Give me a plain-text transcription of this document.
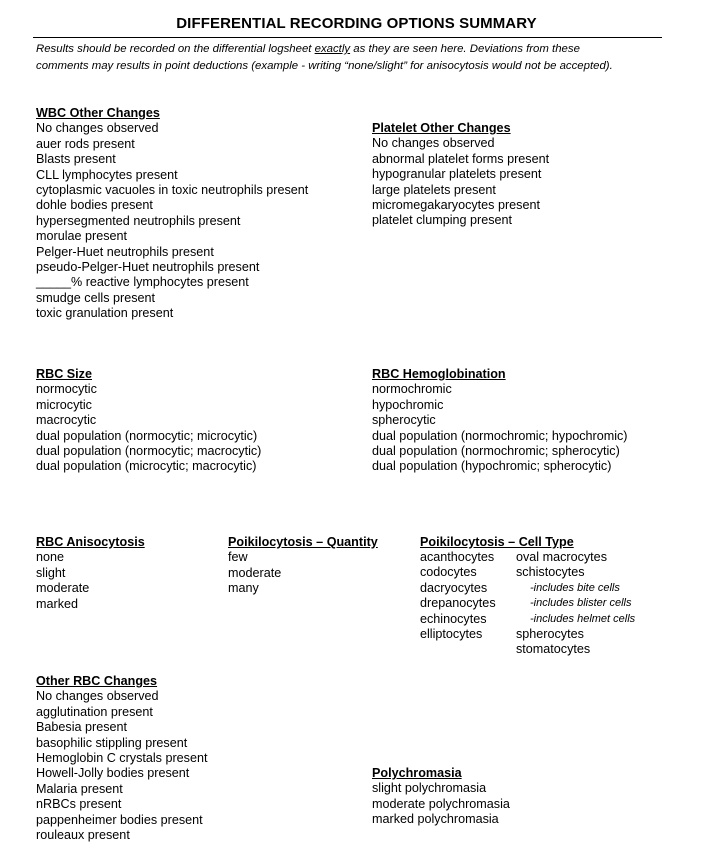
DIFFERENTIAL RECORDING OPTIONS SUMMARY
Results should be recorded on the differential logsheet exactly as they are seen here. Deviations from these
comments may results in point deductions (example - writing “none/slight” for anisocytosis would not be accepted).
WBC Other Changes
No changes observed
auer rods present
Blasts present
CLL lymphocytes present
cytoplasmic vacuoles in toxic neutrophils present
dohle bodies present
hypersegmented neutrophils present
morulae present
Pelger-Huet neutrophils present
pseudo-Pelger-Huet neutrophils present
_____% reactive lymphocytes present
smudge cells present
toxic granulation present
Platelet Other Changes
No changes observed
abnormal platelet forms present
hypogranular platelets present
large platelets present
micromegakaryocytes present
platelet clumping present
RBC Size
normocytic
microcytic
macrocytic
dual population (normocytic; microcytic)
dual population (normocytic; macrocytic)
dual population (microcytic; macrocytic)
RBC Hemoglobination
normochromic
hypochromic
spherocytic
dual population (normochromic; hypochromic)
dual population (normochromic; spherocytic)
dual population (hypochromic; spherocytic)
RBC Anisocytosis
none
slight
moderate
marked
Poikilocytosis – Quantity
few
moderate
many
Poikilocytosis – Cell Type
acanthocytes
codocytes
dacryocytes
drepanocytes
echinocytes
elliptocytes
oval macrocytes
schistocytes
-includes bite cells
-includes blister cells
-includes helmet cells
spherocytes
stomatocytes
Other RBC Changes
No changes observed
agglutination present
Babesia present
basophilic stippling present
Hemoglobin C crystals present
Howell-Jolly bodies present
Malaria present
nRBCs present
pappenheimer bodies present
rouleaux present
Polychromasia
slight polychromasia
moderate polychromasia
marked polychromasia
